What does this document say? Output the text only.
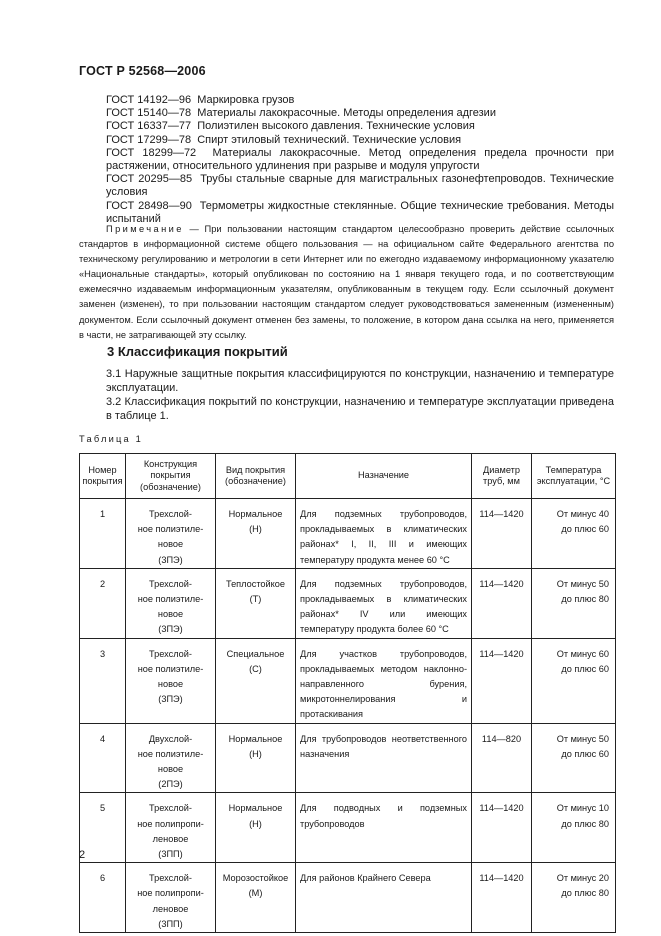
ГОСТ Р 52568—2006
ГОСТ 14192—96 Маркировка грузов
ГОСТ 15140—78 Материалы лакокрасочные. Методы определения адгезии
ГОСТ 16337—77 Полиэтилен высокого давления. Технические условия
ГОСТ 17299—78 Спирт этиловый технический. Технические условия
ГОСТ 18299—72 Материалы лакокрасочные. Метод определения предела прочности при растяжении, относительного удлинения при разрыве и модуля упругости
ГОСТ 20295—85 Трубы стальные сварные для магистральных газонефтепроводов. Технические условия
ГОСТ 28498—90 Термометры жидкостные стеклянные. Общие технические требования. Методы испытаний
Примечание — При пользовании настоящим стандартом целесообразно проверить действие ссылочных стандартов в информационной системе общего пользования — на официальном сайте Федерального агентства по техническому регулированию и метрологии в сети Интернет или по ежегодно издаваемому информационному указателю «Национальные стандарты», который опубликован по состоянию на 1 января текущего года, и по соответствующим ежемесячно издаваемым информационным указателям, опубликованным в текущем году. Если ссылочный документ заменен (изменен), то при пользовании настоящим стандартом следует руководствоваться замененным (измененным) документом. Если ссылочный документ отменен без замены, то положение, в котором дана ссылка на него, применяется в части, не затрагивающей эту ссылку.
3 Классификация покрытий
3.1 Наружные защитные покрытия классифицируются по конструкции, назначению и температуре эксплуатации.
3.2 Классификация покрытий по конструкции, назначению и температуре эксплуатации приведена в таблице 1.
Таблица 1
Номер покрытия	Конструкция покрытия (обозначение)	Вид покрытия (обозначение)	Назначение	Диаметр труб, мм	Температура эксплуатации, °С
1	Трехслой-
ное полиэтиле-
новое
(3ПЭ)	Нормальное
(Н)	Для подземных трубопроводов, прокладываемых в климатических районах* I, II, III и имеющих температуру продукта менее 60 °С	114—1420	От минус 40
до плюс 60

2	Трехслой-
ное полиэтиле-
новое
(3ПЭ)	Теплостойкое
(Т)	Для подземных трубопроводов, прокладываемых в климатических районах* IV или имеющих температуру продукта более 60 °С	114—1420	От минус 50
до плюс 80

3	Трехслой-
ное полиэтиле-
новое
(3ПЭ)	Специальное
(С)	Для участков трубопроводов, прокладываемых методом наклонно-направленного бурения, микротоннелирования и протаскивания	114—1420	От минус 60
до плюс 60

4	Двухслой-
ное полиэтиле-
новое
(2ПЭ)	Нормальное
(Н)	Для трубопроводов неответственного назначения	114—820	От минус 50
до плюс 60

5	Трехслой-
ное полипропи-
леновое
(3ПП)	Нормальное
(Н)	Для подводных и подземных трубопроводов	114—1420	От минус 10
до плюс 80

6	Трехслой-
ное полипропи-
леновое
(3ПП)	Морозостойкое
(М)	Для районов Крайнего Севера	114—1420	От минус 20
до плюс 80
2
